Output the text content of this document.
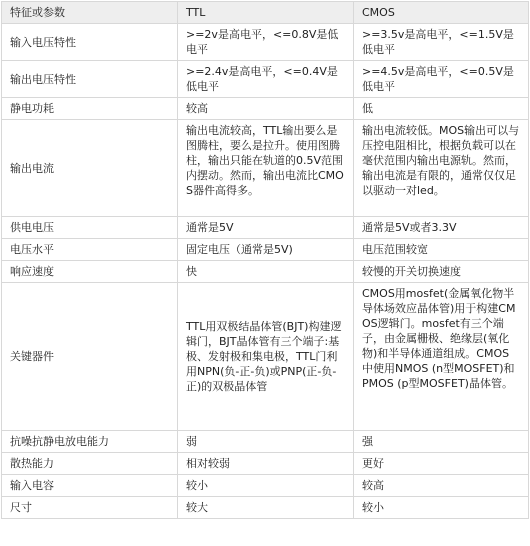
特征或参数	TTL	CMOS
输入电压特性	>=2v是高电平，<=0.8V是低电平	>=3.5v是高电平，<=1.5V是低电平
输出电压特性	>=2.4v是高电平，<=0.4V是低电平	>=4.5v是高电平，<=0.5V是低电平
静电功耗	较高	低
输出电流	输出电流较高，TTL输出要么是图腾柱，要么是拉升。使用图腾柱，输出只能在轨道的0.5V范围内摆动。然而，输出电流比CMOS器件高得多。	输出电流较低。MOS输出可以与压控电阻相比，根据负载可以在毫伏范围内输出电源轨。然而，输出电流是有限的，通常仅仅足以驱动一对led。
供电电压	通常是5V	通常是5V或者3.3V
电压水平	固定电压（通常是5V)	电压范围较宽
响应速度	快	较慢的开关切换速度
关键器件	TTL用双极结晶体管(BJT)构建逻辑门，BJT晶体管有三个端子:基极、发射极和集电极，TTL门利用NPN(负-正-负)或PNP(正-负-正)的双极晶体管	CMOS用mosfet(金属氧化物半导体场效应晶体管)用于构建CMOS逻辑门。mosfet有三个端子，由金属栅极、绝缘层(氧化物)和半导体通道组成。CMOS中使用NMOS (n型MOSFET)和PMOS (p型MOSFET)晶体管。
抗噪抗静电放电能力	弱	强
散热能力	相对较弱	更好
输入电容	较小	较高
尺寸	较大	较小
